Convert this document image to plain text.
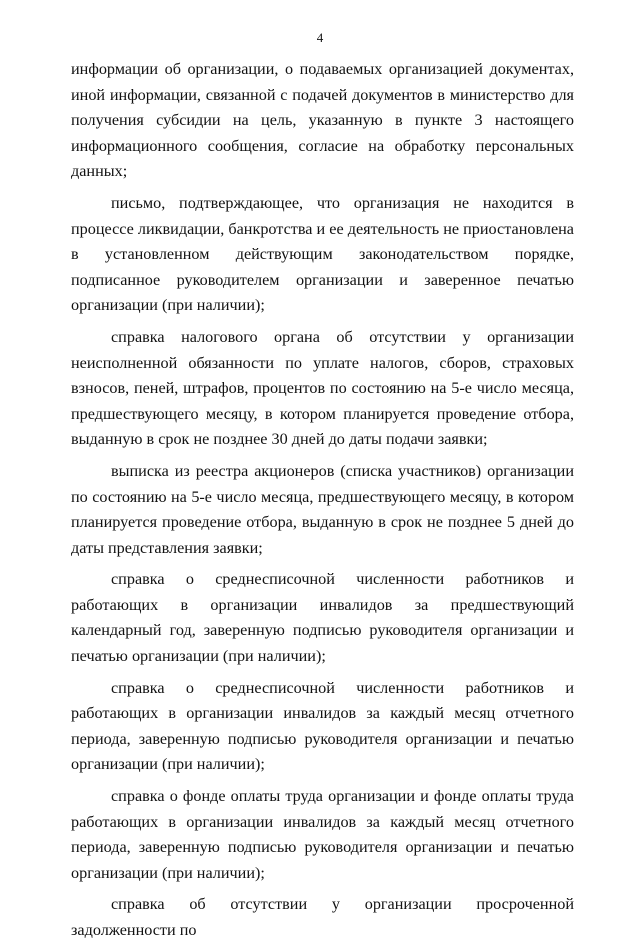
4

информации об организации, о подаваемых организацией документах, иной информации, связанной с подачей документов в министерство для получения субсидии на цель, указанную в пункте 3 настоящего информационного сообщения, согласие на обработку персональных данных;

письмо, подтверждающее, что организация не находится в процессе ликвидации, банкротства и ее деятельность не приостановлена в установленном действующим законодательством порядке, подписанное руководителем организации и заверенное печатью организации (при наличии);

справка налогового органа об отсутствии у организации неисполненной обязанности по уплате налогов, сборов, страховых взносов, пеней, штрафов, процентов по состоянию на 5-е число месяца, предшествующего месяцу, в котором планируется проведение отбора, выданную в срок не позднее 30 дней до даты подачи заявки;

выписка из реестра акционеров (списка участников) организации по состоянию на 5-е число месяца, предшествующего месяцу, в котором планируется проведение отбора, выданную в срок не позднее 5 дней до даты представления заявки;

справка о среднесписочной численности работников и работающих в организации инвалидов за предшествующий календарный год, заверенную подписью руководителя организации и печатью организации (при наличии);

справка о среднесписочной численности работников и работающих в организации инвалидов за каждый месяц отчетного периода, заверенную подписью руководителя организации и печатью организации (при наличии);

справка о фонде оплаты труда организации и фонде оплаты труда работающих в организации инвалидов за каждый месяц отчетного периода, заверенную подписью руководителя организации и печатью организации (при наличии);

справка об отсутствии у организации просроченной задолженности по
